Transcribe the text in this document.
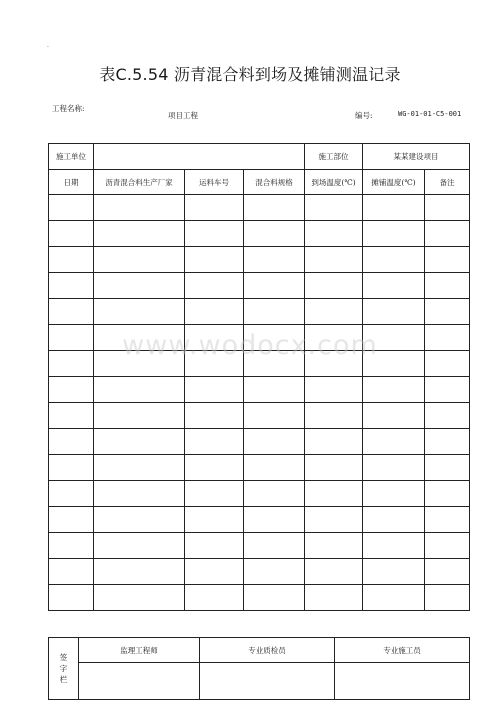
·
表C.5.54 沥青混合料到场及摊铺测温记录
工程名称:
项目工程	编号:	WG-01-01-C5-001
施工单位				施工部位	某某建设项目	
日期	沥青混合料生产厂家	运料车号	混合料规格	到场温度(℃)	摊铺温度(℃)	备注

签
字
栏	监理工程师	专业质检员	专业施工员

www.wodocx.com
